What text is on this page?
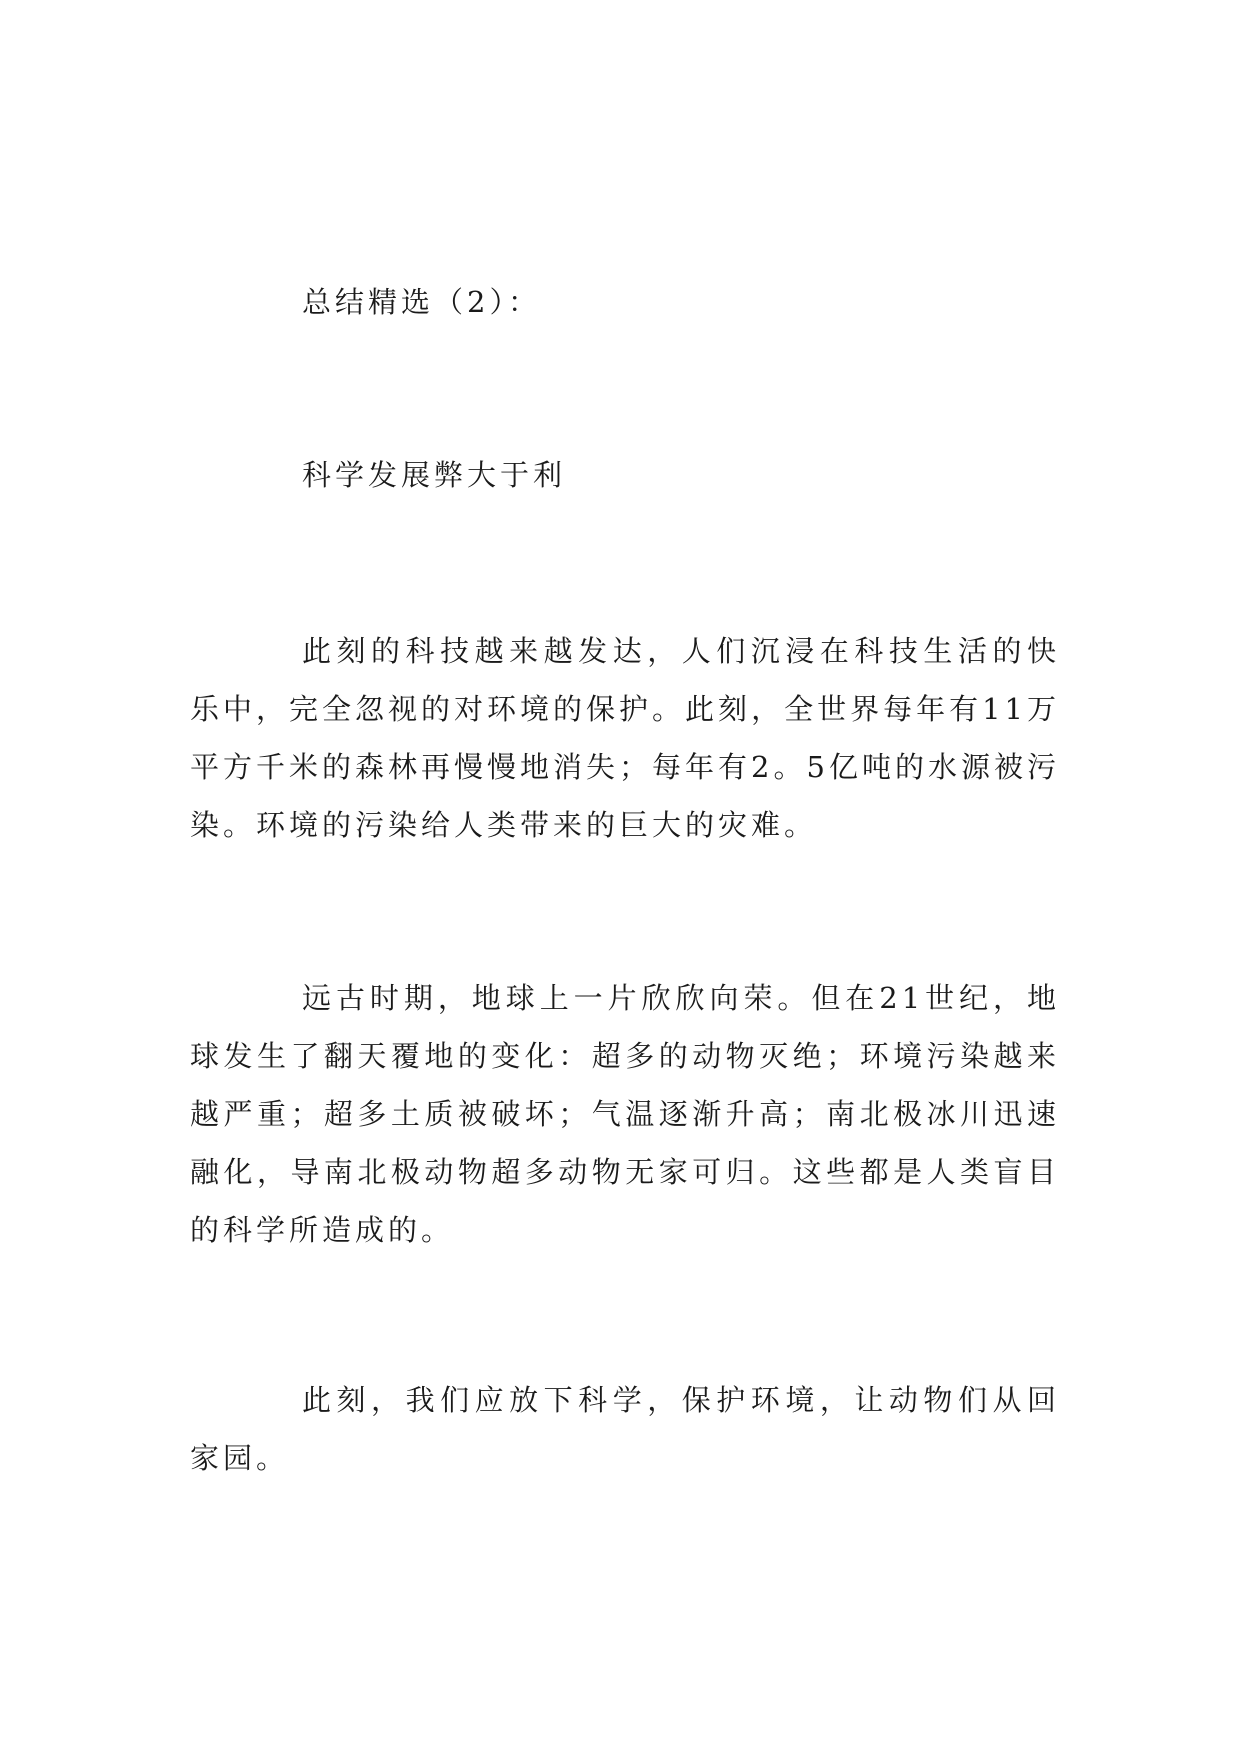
总结精选（2）：

科学发展弊大于利

此刻的科技越来越发达，人们沉浸在科技生活的快乐中，完全忽视的对环境的保护。此刻，全世界每年有11万平方千米的森林再慢慢地消失；每年有2。5亿吨的水源被污染。环境的污染给人类带来的巨大的灾难。

远古时期，地球上一片欣欣向荣。但在21世纪，地球发生了翻天覆地的变化：超多的动物灭绝；环境污染越来越严重；超多土质被破坏；气温逐渐升高；南北极冰川迅速融化，导南北极动物超多动物无家可归。这些都是人类盲目的科学所造成的。

此刻，我们应放下科学，保护环境，让动物们从回家园。
